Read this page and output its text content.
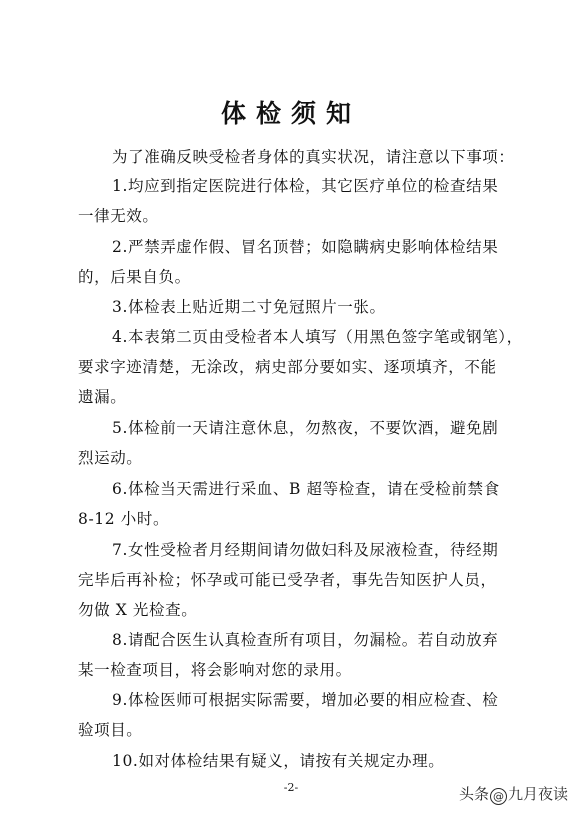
体检须知
为了准确反映受检者身体的真实状况，请注意以下事项：
1.均应到指定医院进行体检，其它医疗单位的检查结果
一律无效。
2.严禁弄虚作假、冒名顶替；如隐瞒病史影响体检结果
的，后果自负。
3.体检表上贴近期二寸免冠照片一张。
4.本表第二页由受检者本人填写（用黑色签字笔或钢笔），
要求字迹清楚，无涂改，病史部分要如实、逐项填齐，不能
遗漏。
5.体检前一天请注意休息，勿熬夜，不要饮酒，避免剧
烈运动。
6.体检当天需进行采血、B 超等检查，请在受检前禁食
8-12 小时。
7.女性受检者月经期间请勿做妇科及尿液检查，待经期
完毕后再补检；怀孕或可能已受孕者，事先告知医护人员，
勿做 X 光检查。
8.请配合医生认真检查所有项目，勿漏检。若自动放弃
某一检查项目，将会影响对您的录用。
9.体检医师可根据实际需要，增加必要的相应检查、检
验项目。
10.如对体检结果有疑义，请按有关规定办理。
-2-	头条 @ 九月夜读
